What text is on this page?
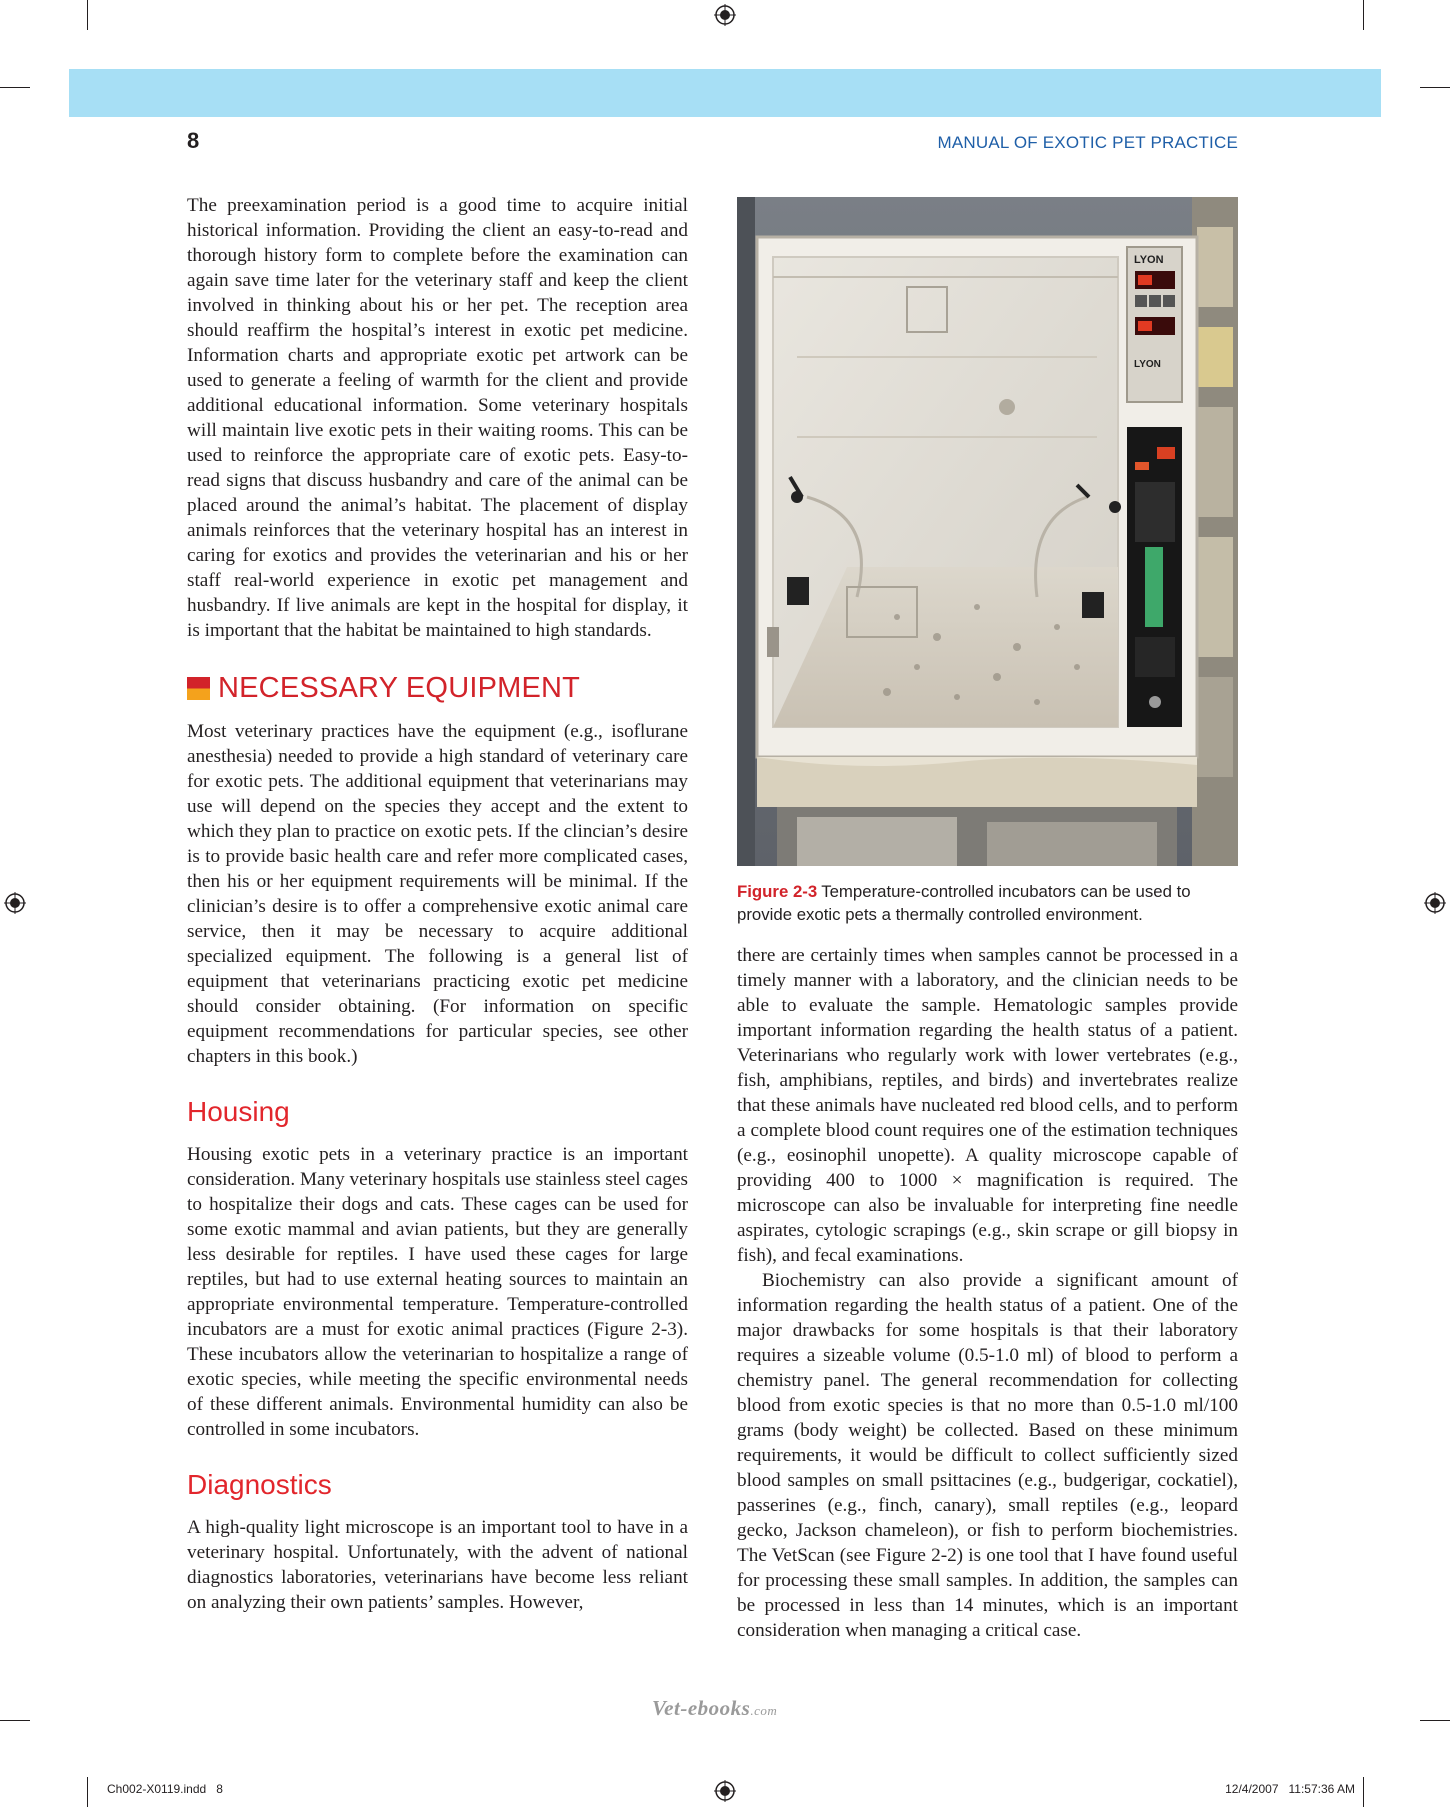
8	MANUAL OF EXOTIC PET PRACTICE

The preexamination period is a good time to acquire initial historical information. Providing the client an easy-to-read and thorough history form to complete before the examination can again save time later for the veterinary staff and keep the client involved in thinking about his or her pet. The reception area should reaffirm the hospital’s interest in exotic pet medicine. Information charts and appropriate exotic pet artwork can be used to generate a feeling of warmth for the client and provide additional educational information. Some veterinary hospitals will maintain live exotic pets in their waiting rooms. This can be used to reinforce the appropriate care of exotic pets. Easy-to-read signs that discuss husbandry and care of the animal can be placed around the animal’s habitat. The placement of display animals reinforces that the veterinary hospital has an interest in caring for exotics and provides the veterinarian and his or her staff real-world experience in exotic pet management and husbandry. If live animals are kept in the hospital for display, it is important that the habitat be maintained to high standards.

NECESSARY EQUIPMENT

Most veterinary practices have the equipment (e.g., isoflurane anesthesia) needed to provide a high standard of veterinary care for exotic pets. The additional equipment that veterinarians may use will depend on the species they accept and the extent to which they plan to practice on exotic pets. If the clincian’s desire is to provide basic health care and refer more complicated cases, then his or her equipment requirements will be minimal. If the clinician’s desire is to offer a comprehensive exotic animal care service, then it may be necessary to acquire additional specialized equipment. The following is a general list of equipment that veterinarians practicing exotic pet medicine should consider obtaining. (For information on specific equipment recommendations for particular species, see other chapters in this book.)

Housing

Housing exotic pets in a veterinary practice is an important consideration. Many veterinary hospitals use stainless steel cages to hospitalize their dogs and cats. These cages can be used for some exotic mammal and avian patients, but they are generally less desirable for reptiles. I have used these cages for large reptiles, but had to use external heating sources to maintain an appropriate environmental temperature. Temperature-controlled incubators are a must for exotic animal practices (Figure 2-3). These incubators allow the veterinarian to hospitalize a range of exotic species, while meeting the specific environmental needs of these different animals. Environmental humidity can also be controlled in some incubators.

Diagnostics

A high-quality light microscope is an important tool to have in a veterinary hospital. Unfortunately, with the advent of national diagnostics laboratories, veterinarians have become less reliant on analyzing their own patients’ samples. However,

LYON
LYON
Figure 2-3 Temperature-controlled incubators can be used to provide exotic pets a thermally controlled environment.

there are certainly times when samples cannot be processed in a timely manner with a laboratory, and the clinician needs to be able to evaluate the sample. Hematologic samples provide important information regarding the health status of a patient. Veterinarians who regularly work with lower vertebrates (e.g., fish, amphibians, reptiles, and birds) and invertebrates realize that these animals have nucleated red blood cells, and to perform a complete blood count requires one of the estimation techniques (e.g., eosinophil unopette). A quality microscope capable of providing 400 to 1000 × magnification is required. The microscope can also be invaluable for interpreting fine needle aspirates, cytologic scrapings (e.g., skin scrape or gill biopsy in fish), and fecal examinations.

Biochemistry can also provide a significant amount of information regarding the health status of a patient. One of the major drawbacks for some hospitals is that their laboratory requires a sizeable volume (0.5-1.0 ml) of blood to perform a chemistry panel. The general recommendation for collecting blood from exotic species is that no more than 0.5-1.0 ml/100 grams (body weight) be collected. Based on these minimum requirements, it would be difficult to collect sufficiently sized blood samples on small psittacines (e.g., budgerigar, cockatiel), passerines (e.g., finch, canary), small reptiles (e.g., leopard gecko, Jackson chameleon), or fish to perform biochemistries. The VetScan (see Figure 2-2) is one tool that I have found useful for processing these small samples. In addition, the samples can be processed in less than 14 minutes, which is an important consideration when managing a critical case.

Vet-ebooks.com
Ch002-X0119.indd   8	12/4/2007   11:57:36 AM
